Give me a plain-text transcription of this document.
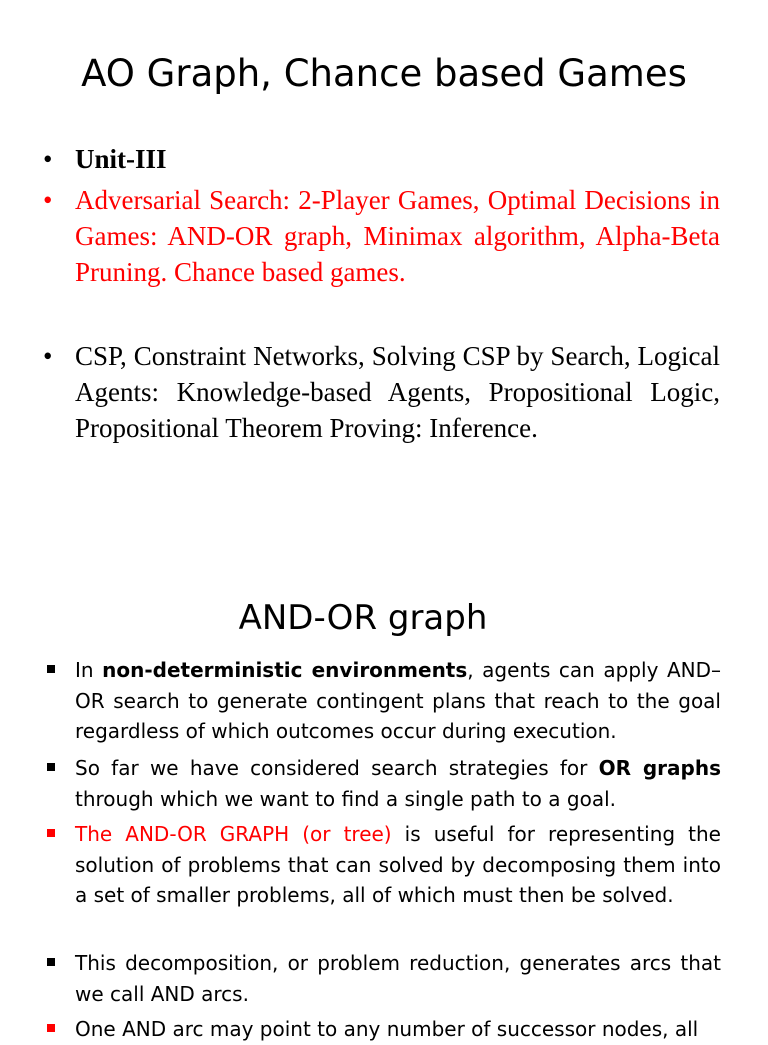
AO Graph, Chance based Games
• Unit-III
• Adversarial Search: 2-Player Games, Optimal Decisions in Games: AND-OR graph, Minimax algorithm, Alpha-Beta Pruning. Chance based games.
• CSP, Constraint Networks, Solving CSP by Search, Logical Agents: Knowledge-based Agents, Propositional Logic, Propositional Theorem Proving: Inference.
AND-OR graph
In non-deterministic environments, agents can apply AND–OR search to generate contingent plans that reach to the goal regardless of which outcomes occur during execution.
So far we have considered search strategies for OR graphs through which we want to find a single path to a goal.
The AND-OR GRAPH (or tree) is useful for representing the solution of problems that can solved by decomposing them into a set of smaller problems, all of which must then be solved.
This decomposition, or problem reduction, generates arcs that we call AND arcs.
One AND arc may point to any number of successor nodes, all
